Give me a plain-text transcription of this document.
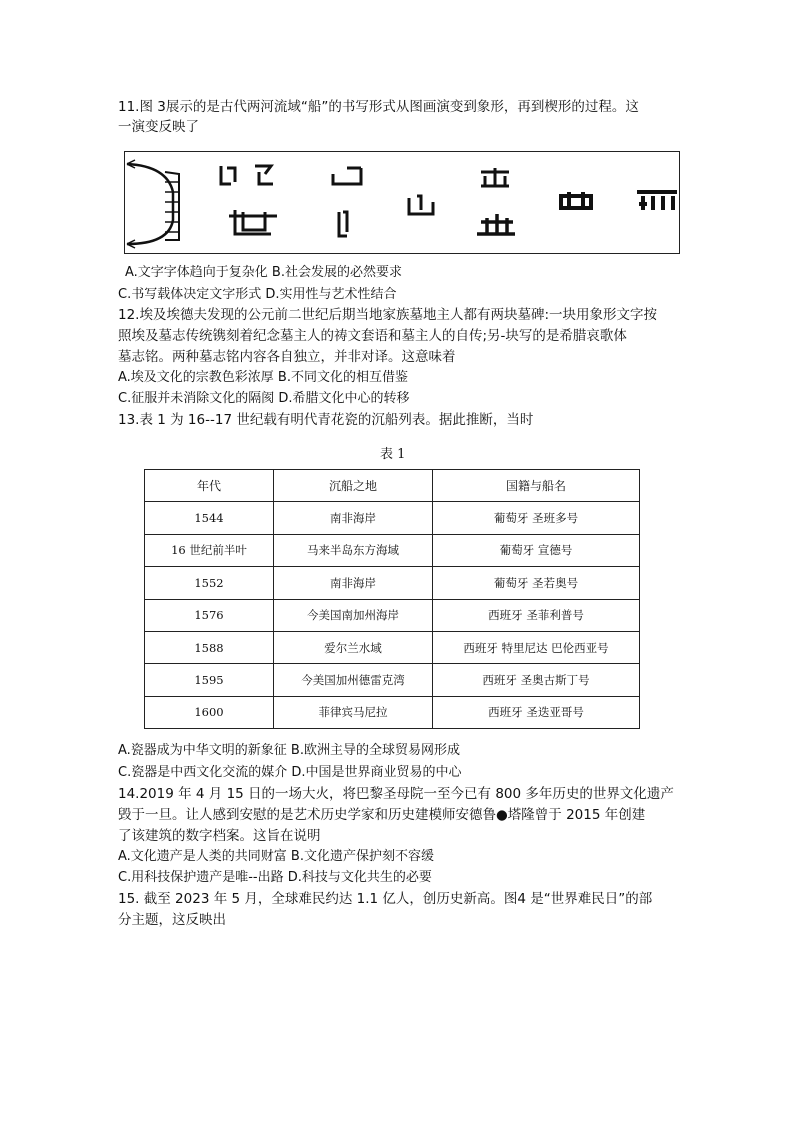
11.图 3展示的是古代两河流域“船”的书写形式从图画演变到象形，再到楔形的过程。这
一演变反映了
A.文字字体趋向于复杂化 B.社会发展的必然要求
C.书写载体决定文字形式 D.实用性与艺术性结合
12.埃及埃德夫发现的公元前二世纪后期当地家族墓地主人都有两块墓碑:一块用象形文字按
照埃及墓志传统镌刻着纪念墓主人的祷文套语和墓主人的自传;另-块写的是希腊哀歌体
墓志铭。两种墓志铭内容各自独立，并非对译。这意味着
A.埃及文化的宗教色彩浓厚 B.不同文化的相互借鉴
C.征服并未消除文化的隔阂 D.希腊文化中心的转移
13.表 1 为 16--17 世纪载有明代青花瓷的沉船列表。据此推断，当时
表 1
年代	沉船之地	国籍与船名
1544	南非海岸	葡萄牙 圣班多号
16 世纪前半叶	马来半岛东方海域	葡萄牙 宣德号
1552	南非海岸	葡萄牙 圣若奥号
1576	今美国南加州海岸	西班牙 圣菲利普号
1588	爱尔兰水域	西班牙 特里尼达 巴伦西亚号
1595	今美国加州德雷克湾	西班牙 圣奥古斯丁号
1600	菲律宾马尼拉	西班牙 圣迭亚哥号
A.瓷器成为中华文明的新象征 B.欧洲主导的全球贸易网形成
C.瓷器是中西文化交流的媒介 D.中国是世界商业贸易的中心
14.2019 年 4 月 15 日的一场大火，将巴黎圣母院一至今已有 800 多年历史的世界文化遗产
毁于一旦。让人感到安慰的是艺术历史学家和历史建模师安德鲁●塔隆曾于 2015 年创建
了该建筑的数字档案。这旨在说明
A.文化遗产是人类的共同财富 B.文化遗产保护刻不容缓
C.用科技保护遗产是唯--出路 D.科技与文化共生的必要
15. 截至 2023 年 5 月，全球难民约达 1.1 亿人，创历史新高。图4 是“世界难民日”的部
分主题，这反映出
